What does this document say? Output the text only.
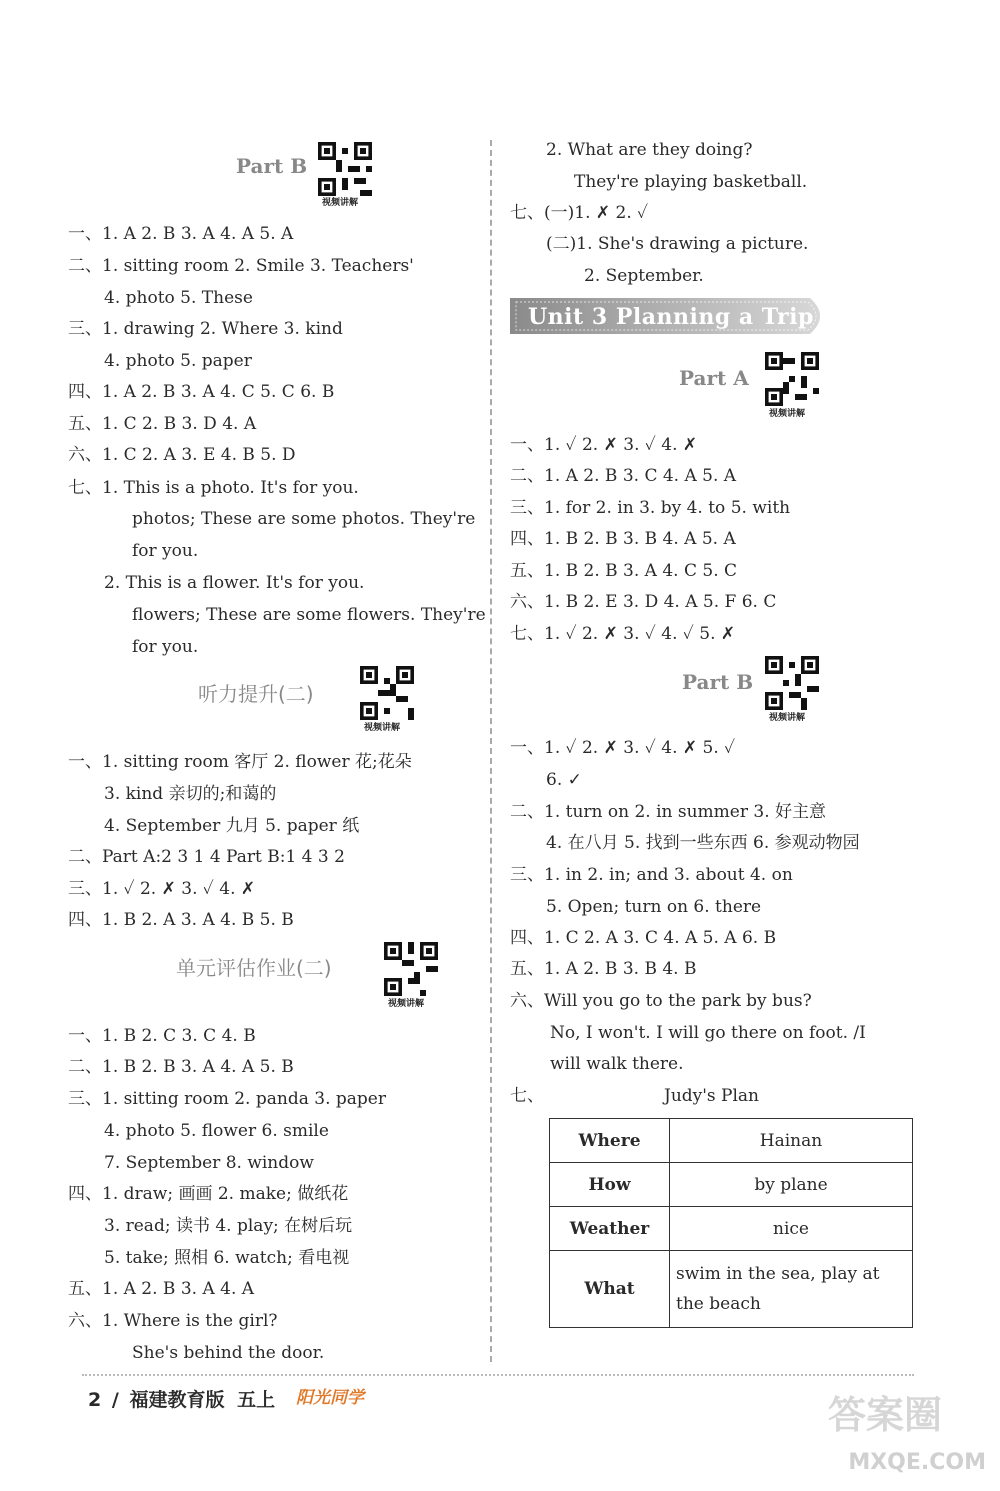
Part B
视频讲解
一、1. A 2. B 3. A 4. A 5. A
二、1. sitting room 2. Smile 3. Teachers'
4. photo 5. These
三、1. drawing 2. Where 3. kind
4. photo 5. paper
四、1. A 2. B 3. A 4. C 5. C 6. B
五、1. C 2. B 3. D 4. A
六、1. C 2. A 3. E 4. B 5. D
七、1. This is a photo. It's for you.
photos; These are some photos. They're
for you.
2. This is a flower. It's for you.
flowers; These are some flowers. They're
for you.
一、1. sitting room 客厅 2. flower 花;花朵
3. kind 亲切的;和蔼的
4. September 九月 5. paper 纸
二、Part A:2 3 1 4 Part B:1 4 3 2
三、1. ✓ 2. ✗ 3. ✓ 4. ✗
四、1. B 2. A 3. A 4. B 5. B
一、1. B 2. C 3. C 4. B
二、1. B 2. B 3. A 4. A 5. B
三、1. sitting room 2. panda 3. paper
4. photo 5. flower 6. smile
7. September 8. window
四、1. draw; 画画 2. make; 做纸花
3. read; 读书 4. play; 在树后玩
5. take; 照相 6. watch; 看电视
五、1. A 2. B 3. A 4. A
六、1. Where is the girl?
She's behind the door.
听力提升(二)
视频讲解
单元评估作业(二)
视频讲解
Unit 3 Planning a Trip
Part A
视频讲解
Part B
视频讲解
2. What are they doing?
They're playing basketball.
七、(一)1. ✗ 2. ✓
(二)1. She's drawing a picture.
2. September.
一、1. ✓ 2. ✗ 3. ✓ 4. ✗
二、1. A 2. B 3. C 4. A 5. A
三、1. for 2. in 3. by 4. to 5. with
四、1. B 2. B 3. B 4. A 5. A
五、1. B 2. B 3. A 4. C 5. C
六、1. B 2. E 3. D 4. A 5. F 6. C
七、1. ✓ 2. ✗ 3. ✓ 4. ✓ 5. ✗
一、1. ✓ 2. ✗ 3. ✓ 4. ✗ 5. ✓
6. ✓
二、1. turn on 2. in summer 3. 好主意
4. 在八月 5. 找到一些东西 6. 参观动物园
三、1. in 2. in; and 3. about 4. on
5. Open; turn on 6. there
四、1. C 2. A 3. C 4. A 5. A 6. B
五、1. A 2. B 3. B 4. B
六、Will you go to the park by bus?
No, I won't. I will go there on foot. /I
will walk there.
七、	Judy's Plan
Where	Hainan
How	by plane
Weather	nice
What	swim in the sea, play at the beach
2 / 福建教育版 五上 阳光同学	答案圈
MXQE.COM
